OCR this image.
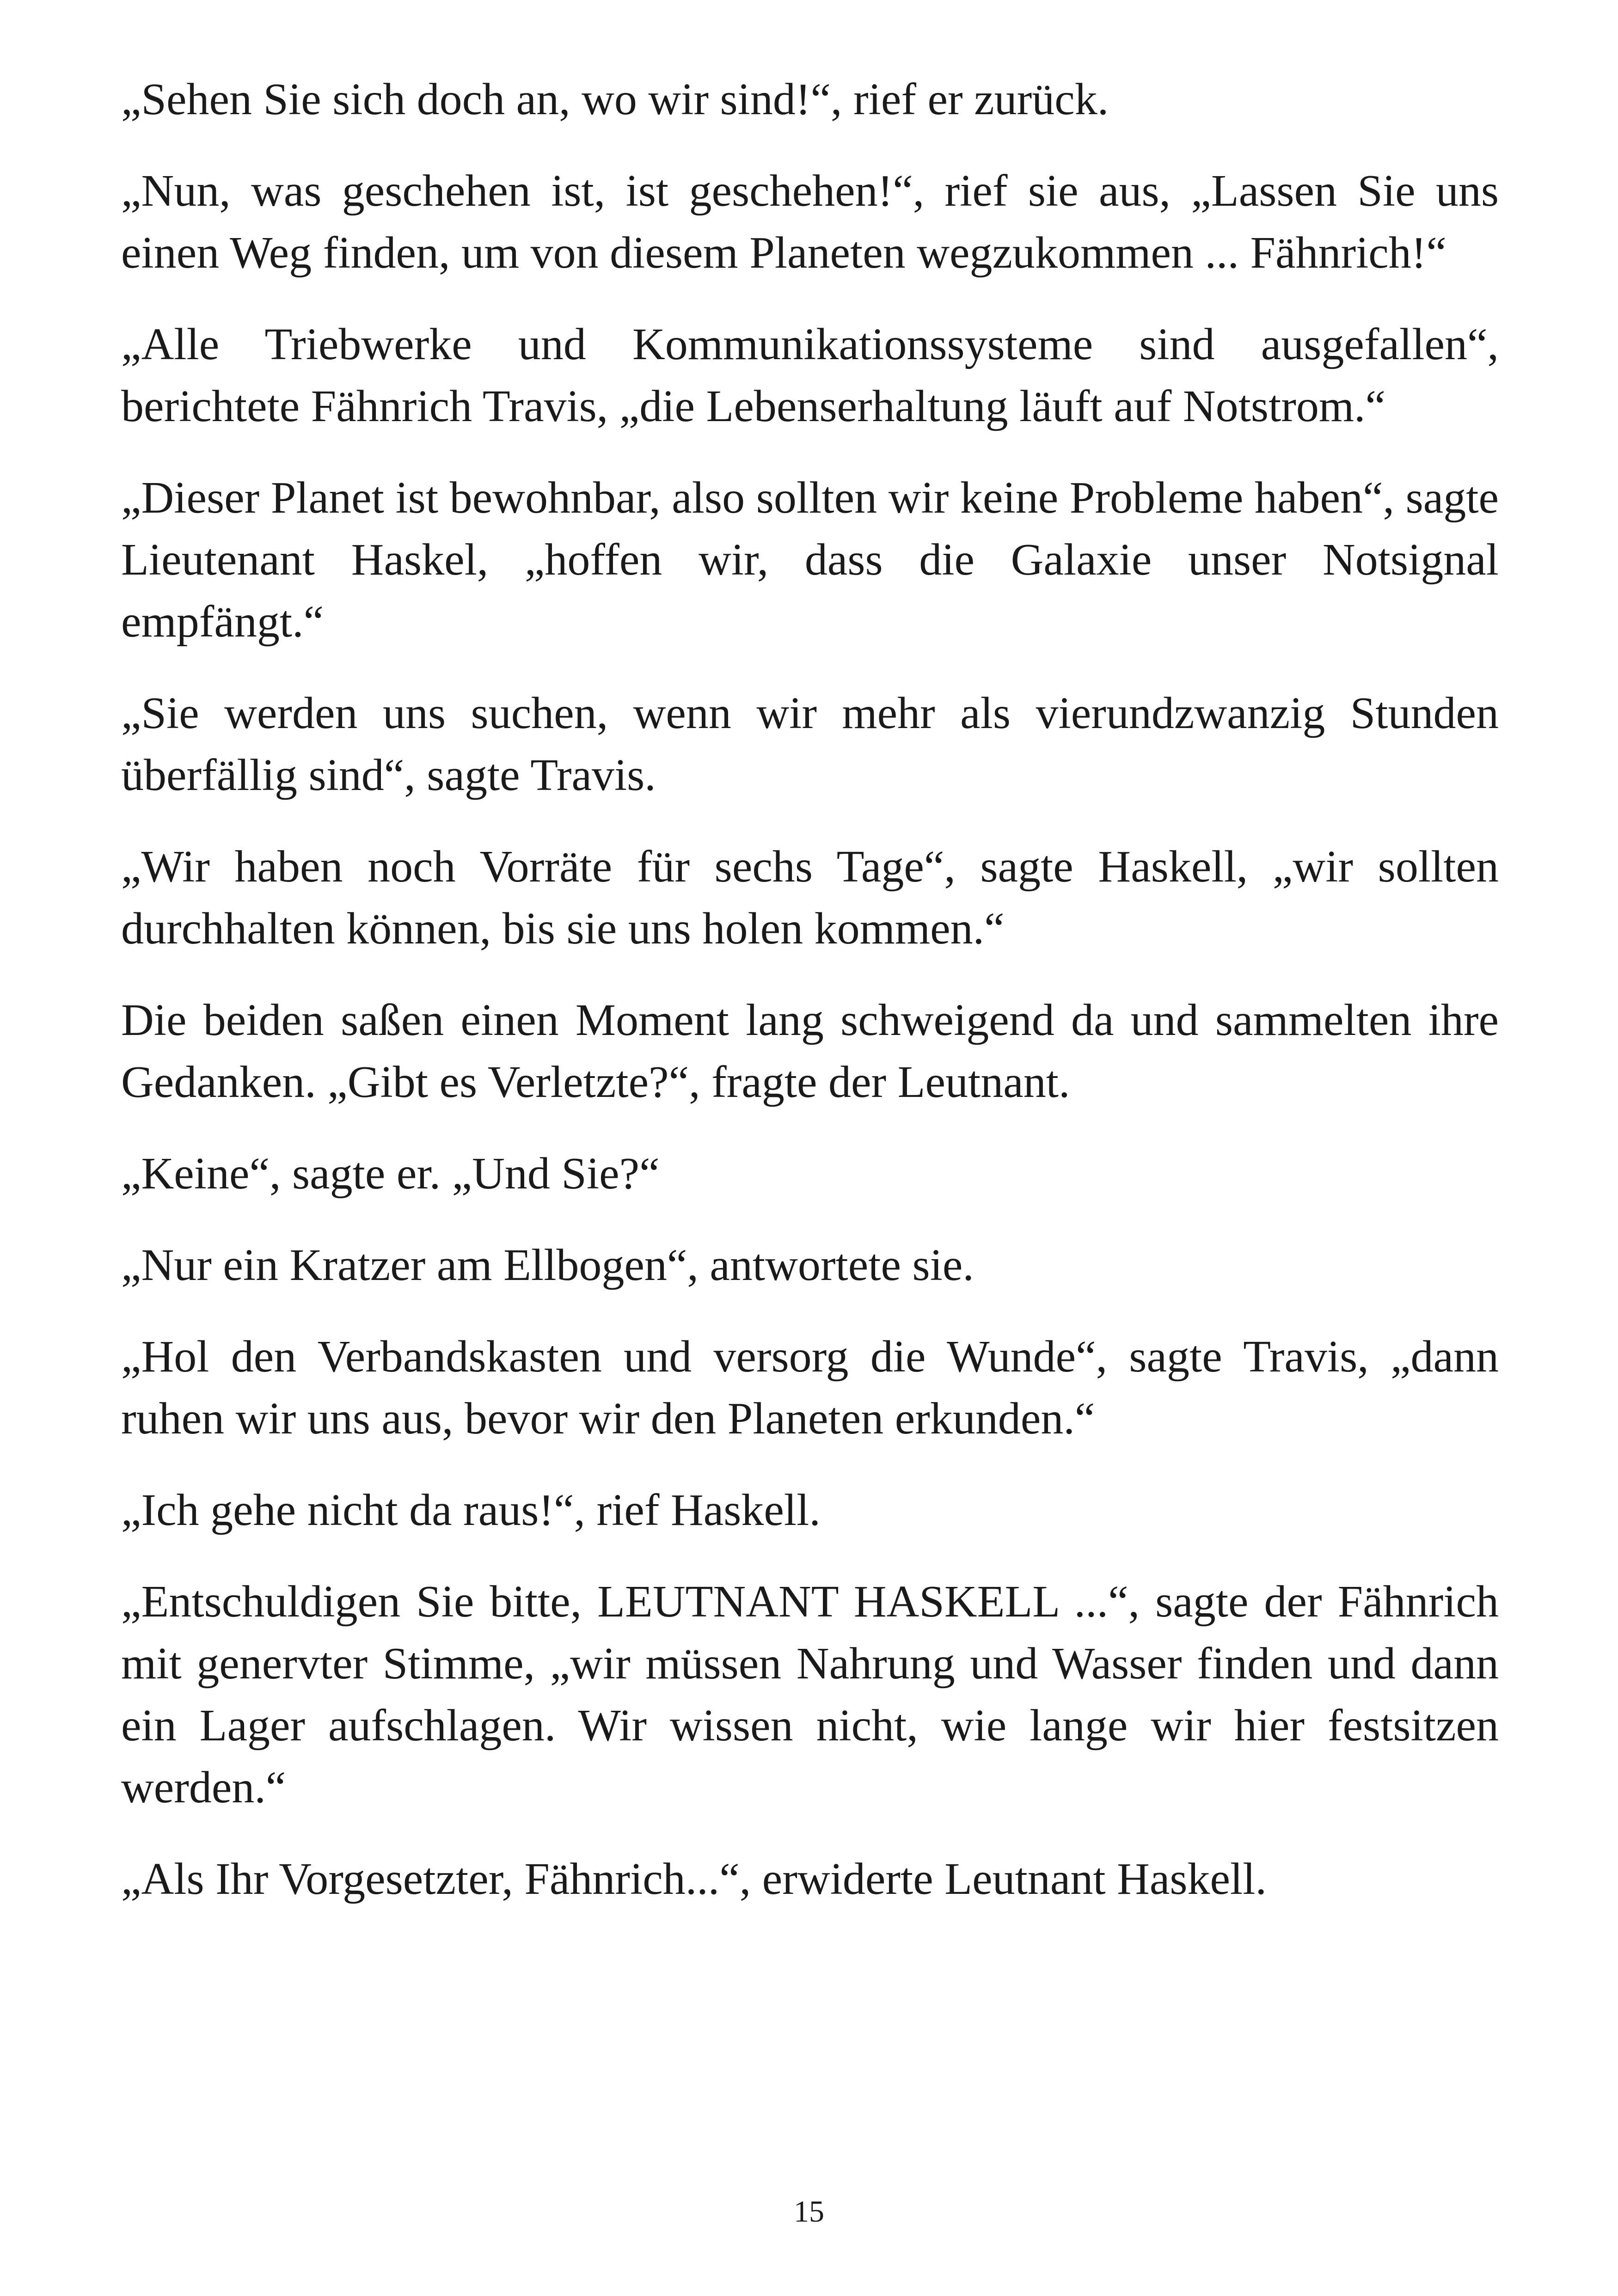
„Sehen Sie sich doch an, wo wir sind!“, rief er zurück.

„Nun, was geschehen ist, ist geschehen!“, rief sie aus, „Lassen Sie uns einen Weg finden, um von diesem Planeten wegzukommen ... Fähnrich!“

„Alle Triebwerke und Kommunikationssysteme sind ausgefallen“, berichtete Fähnrich Travis, „die Lebenserhaltung läuft auf Notstrom.“

„Dieser Planet ist bewohnbar, also sollten wir keine Probleme haben“, sagte Lieutenant Haskel, „hoffen wir, dass die Galaxie unser Notsignal empfängt.“

„Sie werden uns suchen, wenn wir mehr als vierundzwanzig Stunden überfällig sind“, sagte Travis.

„Wir haben noch Vorräte für sechs Tage“, sagte Haskell, „wir sollten durchhalten können, bis sie uns holen kommen.“

Die beiden saßen einen Moment lang schweigend da und sammelten ihre Gedanken. „Gibt es Verletzte?“, fragte der Leutnant.

„Keine“, sagte er. „Und Sie?“

„Nur ein Kratzer am Ellbogen“, antwortete sie.

„Hol den Verbandskasten und versorg die Wunde“, sagte Travis, „dann ruhen wir uns aus, bevor wir den Planeten erkunden.“

„Ich gehe nicht da raus!“, rief Haskell.

„Entschuldigen Sie bitte, LEUTNANT HASKELL ...“, sagte der Fähnrich mit genervter Stimme, „wir müssen Nahrung und Wasser finden und dann ein Lager aufschlagen. Wir wissen nicht, wie lange wir hier festsitzen werden.“

„Als Ihr Vorgesetzter, Fähnrich...“, erwiderte Leutnant Haskell.

15
